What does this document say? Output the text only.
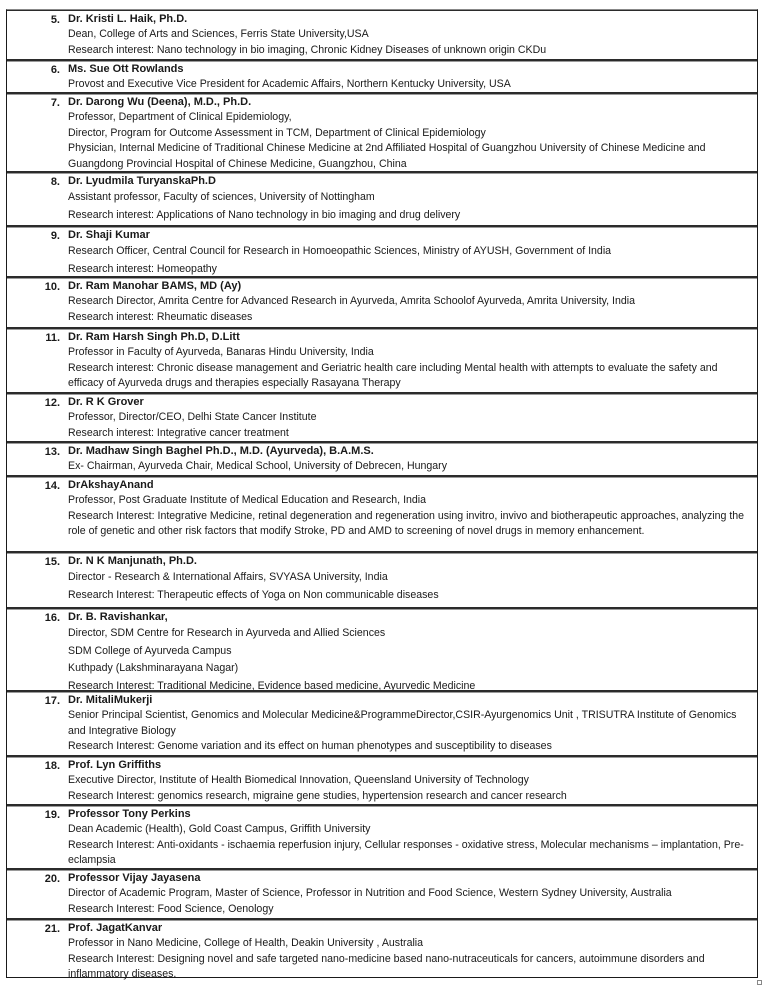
5. Dr. Kristi L. Haik, Ph.D.
Dean, College of Arts and Sciences, Ferris State University,USA
Research interest: Nano technology in bio imaging, Chronic Kidney Diseases of unknown origin CKDu
6. Ms. Sue Ott Rowlands
Provost and Executive Vice President for Academic Affairs, Northern Kentucky University, USA
7. Dr. Darong Wu (Deena), M.D., Ph.D.
Professor, Department of Clinical Epidemiology,
Director, Program for Outcome Assessment in TCM, Department of Clinical Epidemiology
Physician, Internal Medicine of Traditional Chinese Medicine at 2nd Affiliated Hospital of Guangzhou University of Chinese Medicine and Guangdong Provincial Hospital of Chinese Medicine, Guangzhou, China
8. Dr. Lyudmila TuryanskaPh.D
Assistant professor, Faculty of sciences, University of Nottingham
Research interest: Applications of Nano technology in bio imaging and drug delivery
9. Dr. Shaji Kumar
Research Officer, Central Council for Research in Homoeopathic Sciences, Ministry of AYUSH, Government of India
Research interest: Homeopathy
10. Dr. Ram Manohar BAMS, MD (Ay)
Research Director, Amrita Centre for Advanced Research in Ayurveda, Amrita Schoolof Ayurveda, Amrita University, India
Research interest: Rheumatic diseases
11. Dr. Ram Harsh Singh Ph.D, D.Litt
Professor in Faculty of Ayurveda, Banaras Hindu University, India
Research interest: Chronic disease management and Geriatric health care including Mental health with attempts to evaluate the safety and efficacy of Ayurveda drugs and therapies especially Rasayana Therapy
12. Dr. R K Grover
Professor, Director/CEO, Delhi State Cancer Institute
Research interest: Integrative cancer treatment
13. Dr. Madhaw Singh Baghel Ph.D., M.D. (Ayurveda), B.A.M.S.
Ex- Chairman, Ayurveda Chair, Medical School, University of Debrecen, Hungary
14. DrAkshayAnand
Professor, Post Graduate Institute of Medical Education and Research, India
Research Interest: Integrative Medicine, retinal degeneration and regeneration using invitro, invivo and biotherapeutic approaches, analyzing the role of genetic and other risk factors that modify Stroke, PD and AMD to screening of novel drugs in memory enhancement.
15. Dr. N K Manjunath, Ph.D.
Director - Research & International Affairs, SVYASA University, India
Research Interest: Therapeutic effects of Yoga on Non communicable diseases
16. Dr. B. Ravishankar,
Director, SDM Centre for Research in Ayurveda and Allied Sciences
SDM College of Ayurveda Campus
Kuthpady (Lakshminarayana Nagar)
Research Interest: Traditional Medicine, Evidence based medicine, Ayurvedic Medicine
17. Dr. MitaliMukerji
Senior Principal Scientist, Genomics and Molecular Medicine&ProgrammeDirector,CSIR-Ayurgenomics Unit , TRISUTRA Institute of Genomics and Integrative Biology
Research Interest: Genome variation and its effect on human phenotypes and susceptibility to diseases
18. Prof. Lyn Griffiths
Executive Director, Institute of Health Biomedical Innovation, Queensland University of Technology
Research Interest: genomics research, migraine gene studies, hypertension research and cancer research
19. Professor Tony Perkins
Dean Academic (Health), Gold Coast Campus, Griffith University
Research Interest: Anti-oxidants - ischaemia reperfusion injury, Cellular responses - oxidative stress, Molecular mechanisms – implantation, Pre-eclampsia
20. Professor Vijay Jayasena
Director of Academic Program, Master of Science, Professor in Nutrition and Food Science, Western Sydney University, Australia
Research Interest: Food Science, Oenology
21. Prof. JagatKanvar
Professor in Nano Medicine, College of Health, Deakin University , Australia
Research Interest: Designing novel and safe targeted nano-medicine based nano-nutraceuticals for cancers, autoimmune disorders and inflammatory diseases.
